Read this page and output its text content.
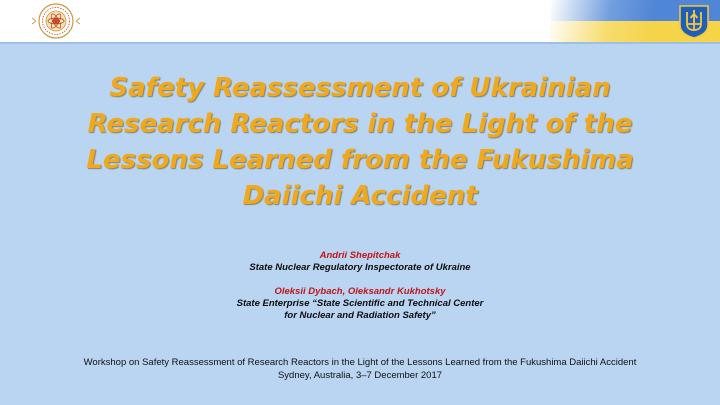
Safety Reassessment of Ukrainian Research Reactors in the Light of the Lessons Learned from the Fukushima Daiichi Accident
Andrii Shepitchak
State Nuclear Regulatory Inspectorate of Ukraine
Oleksii Dybach, Oleksandr Kukhotsky
State Enterprise “State Scientific and Technical Center
for Nuclear and Radiation Safety”
Workshop on Safety Reassessment of Research Reactors in the Light of the Lessons Learned from the Fukushima Daiichi Accident
Sydney, Australia, 3–7 December 2017
